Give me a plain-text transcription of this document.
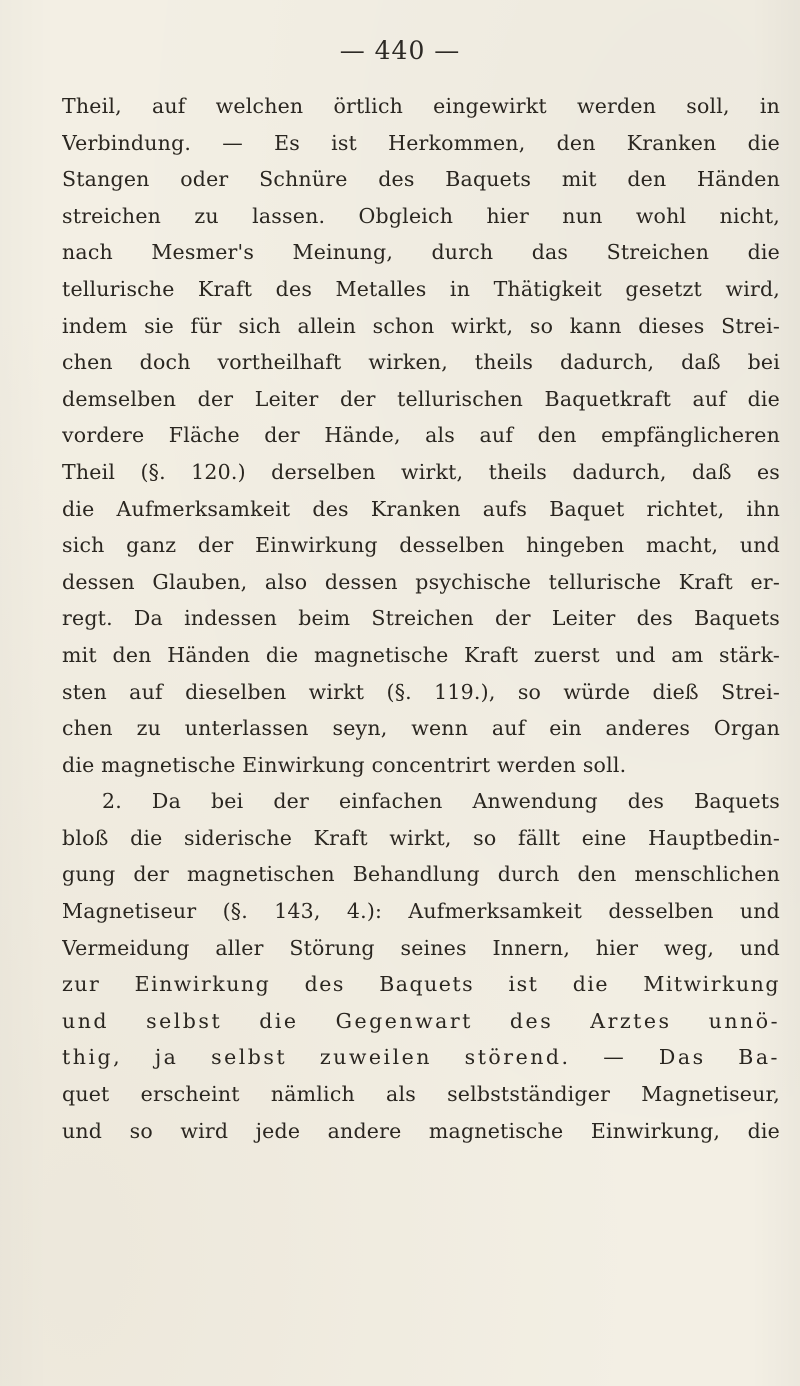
— 440 —
Theil, auf welchen örtlich eingewirkt werden soll, in
Verbindung. — Es ist Herkommen, den Kranken die
Stangen oder Schnüre des Baquets mit den Händen
streichen zu lassen. Obgleich hier nun wohl nicht,
nach Mesmer's Meinung, durch das Streichen die
tellurische Kraft des Metalles in Thätigkeit gesetzt wird,
indem sie für sich allein schon wirkt, so kann dieses Strei-
chen doch vortheilhaft wirken, theils dadurch, daß bei
demselben der Leiter der tellurischen Baquetkraft auf die
vordere Fläche der Hände, als auf den empfänglicheren
Theil (§. 120.) derselben wirkt, theils dadurch, daß es
die Aufmerksamkeit des Kranken aufs Baquet richtet, ihn
sich ganz der Einwirkung desselben hingeben macht, und
dessen Glauben, also dessen psychische tellurische Kraft er-
regt. Da indessen beim Streichen der Leiter des Baquets
mit den Händen die magnetische Kraft zuerst und am stärk-
sten auf dieselben wirkt (§. 119.), so würde dieß Strei-
chen zu unterlassen seyn, wenn auf ein anderes Organ
die magnetische Einwirkung concentrirt werden soll.
2. Da bei der einfachen Anwendung des Baquets
bloß die siderische Kraft wirkt, so fällt eine Hauptbedin-
gung der magnetischen Behandlung durch den menschlichen
Magnetiseur (§. 143, 4.): Aufmerksamkeit desselben und
Vermeidung aller Störung seines Innern, hier weg, und
zur Einwirkung des Baquets ist die Mitwirkung
und selbst die Gegenwart des Arztes unnö-
thig, ja selbst zuweilen störend. — Das Ba-
quet erscheint nämlich als selbstständiger Magnetiseur,
und so wird jede andere magnetische Einwirkung, die
